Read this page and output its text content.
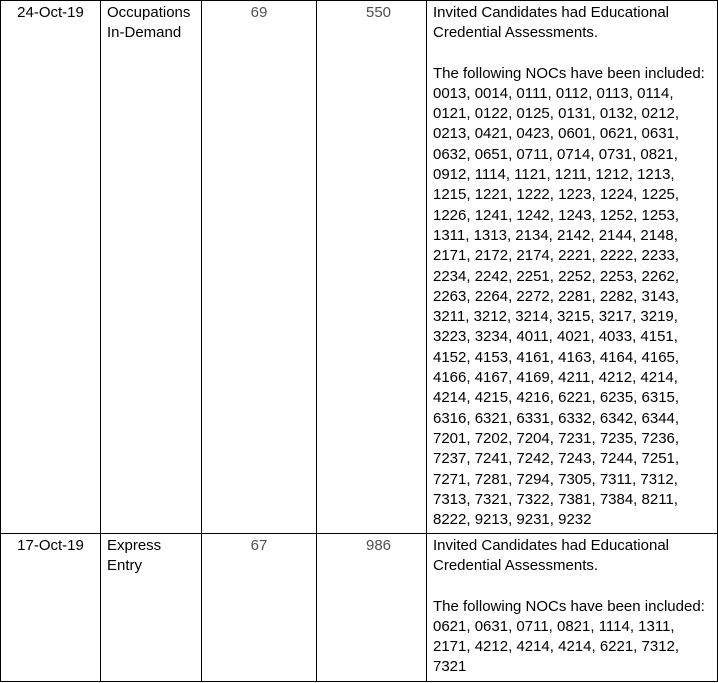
24-Oct-19	Occupations In-Demand	69	550	Invited Candidates had Educational Credential Assessments.
The following NOCs have been included:
0013, 0014, 0111, 0112, 0113, 0114, 0121, 0122, 0125, 0131, 0132, 0212, 0213, 0421, 0423, 0601, 0621, 0631, 0632, 0651, 0711, 0714, 0731, 0821, 0912, 1114, 1121, 1211, 1212, 1213, 1215, 1221, 1222, 1223, 1224, 1225, 1226, 1241, 1242, 1243, 1252, 1253, 1311, 1313, 2134, 2142, 2144, 2148, 2171, 2172, 2174, 2221, 2222, 2233, 2234, 2242, 2251, 2252, 2253, 2262, 2263, 2264, 2272, 2281, 2282, 3143, 3211, 3212, 3214, 3215, 3217, 3219, 3223, 3234, 4011, 4021, 4033, 4151, 4152, 4153, 4161, 4163, 4164, 4165, 4166, 4167, 4169, 4211, 4212, 4214, 4214, 4215, 4216, 6221, 6235, 6315, 6316, 6321, 6331, 6332, 6342, 6344, 7201, 7202, 7204, 7231, 7235, 7236, 7237, 7241, 7242, 7243, 7244, 7251, 7271, 7281, 7294, 7305, 7311, 7312, 7313, 7321, 7322, 7381, 7384, 8211, 8222, 9213, 9231, 9232

17-Oct-19	Express Entry	67	986	Invited Candidates had Educational Credential Assessments.
The following NOCs have been included:
0621, 0631, 0711, 0821, 1114, 1311, 2171, 4212, 4214, 4214, 6221, 7312, 7321
